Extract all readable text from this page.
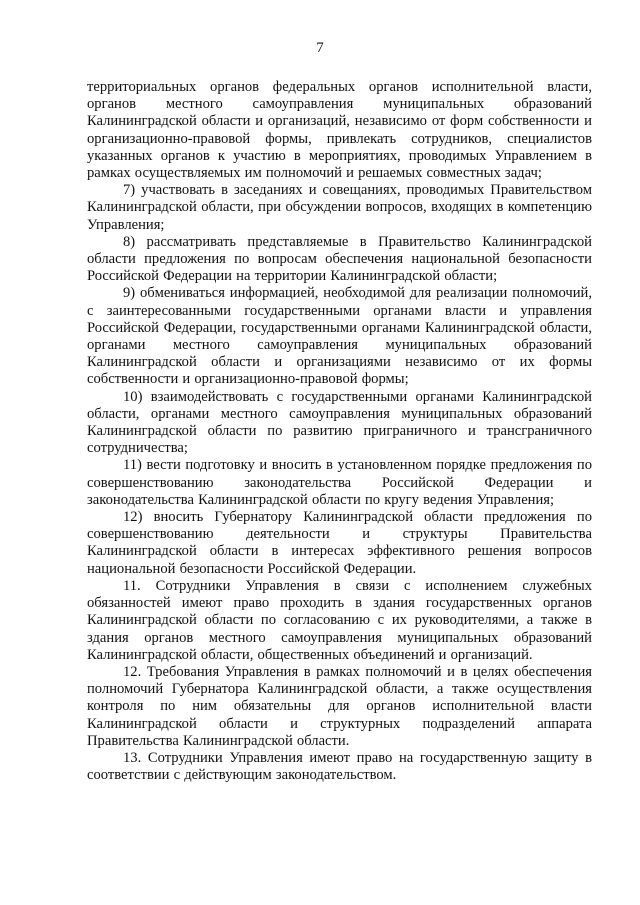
7

территориальных органов федеральных органов исполнительной власти, органов местного самоуправления муниципальных образований Калининградской области и организаций, независимо от форм собственности и организационно-правовой формы, привлекать сотрудников, специалистов указанных органов к участию в мероприятиях, проводимых Управлением в рамках осуществляемых им полномочий и решаемых совместных задач;

7) участвовать в заседаниях и совещаниях, проводимых Правительством Калининградской области, при обсуждении вопросов, входящих в компетенцию Управления;

8) рассматривать представляемые в Правительство Калининградской области предложения по вопросам обеспечения национальной безопасности Российской Федерации на территории Калининградской области;

9) обмениваться информацией, необходимой для реализации полномочий, с заинтересованными государственными органами власти и управления Российской Федерации, государственными органами Калининградской области, органами местного самоуправления муниципальных образований Калининградской области и организациями независимо от их формы собственности и организационно-правовой формы;

10) взаимодействовать с государственными органами Калининградской области, органами местного самоуправления муниципальных образований Калининградской области по развитию приграничного и трансграничного сотрудничества;

11) вести подготовку и вносить в установленном порядке предложения по совершенствованию законодательства Российской Федерации и законодательства Калининградской области по кругу ведения Управления;

12) вносить Губернатору Калининградской области предложения по совершенствованию деятельности и структуры Правительства Калининградской области в интересах эффективного решения вопросов национальной безопасности Российской Федерации.

11. Сотрудники Управления в связи с исполнением служебных обязанностей имеют право проходить в здания государственных органов Калининградской области по согласованию с их руководителями, а также в здания органов местного самоуправления муниципальных образований Калининградской области, общественных объединений и организаций.

12. Требования Управления в рамках полномочий и в целях обеспечения полномочий Губернатора Калининградской области, а также осуществления контроля по ним обязательны для органов исполнительной власти Калининградской области и структурных подразделений аппарата Правительства Калининградской области.

13. Сотрудники Управления имеют право на государственную защиту в соответствии с действующим законодательством.
